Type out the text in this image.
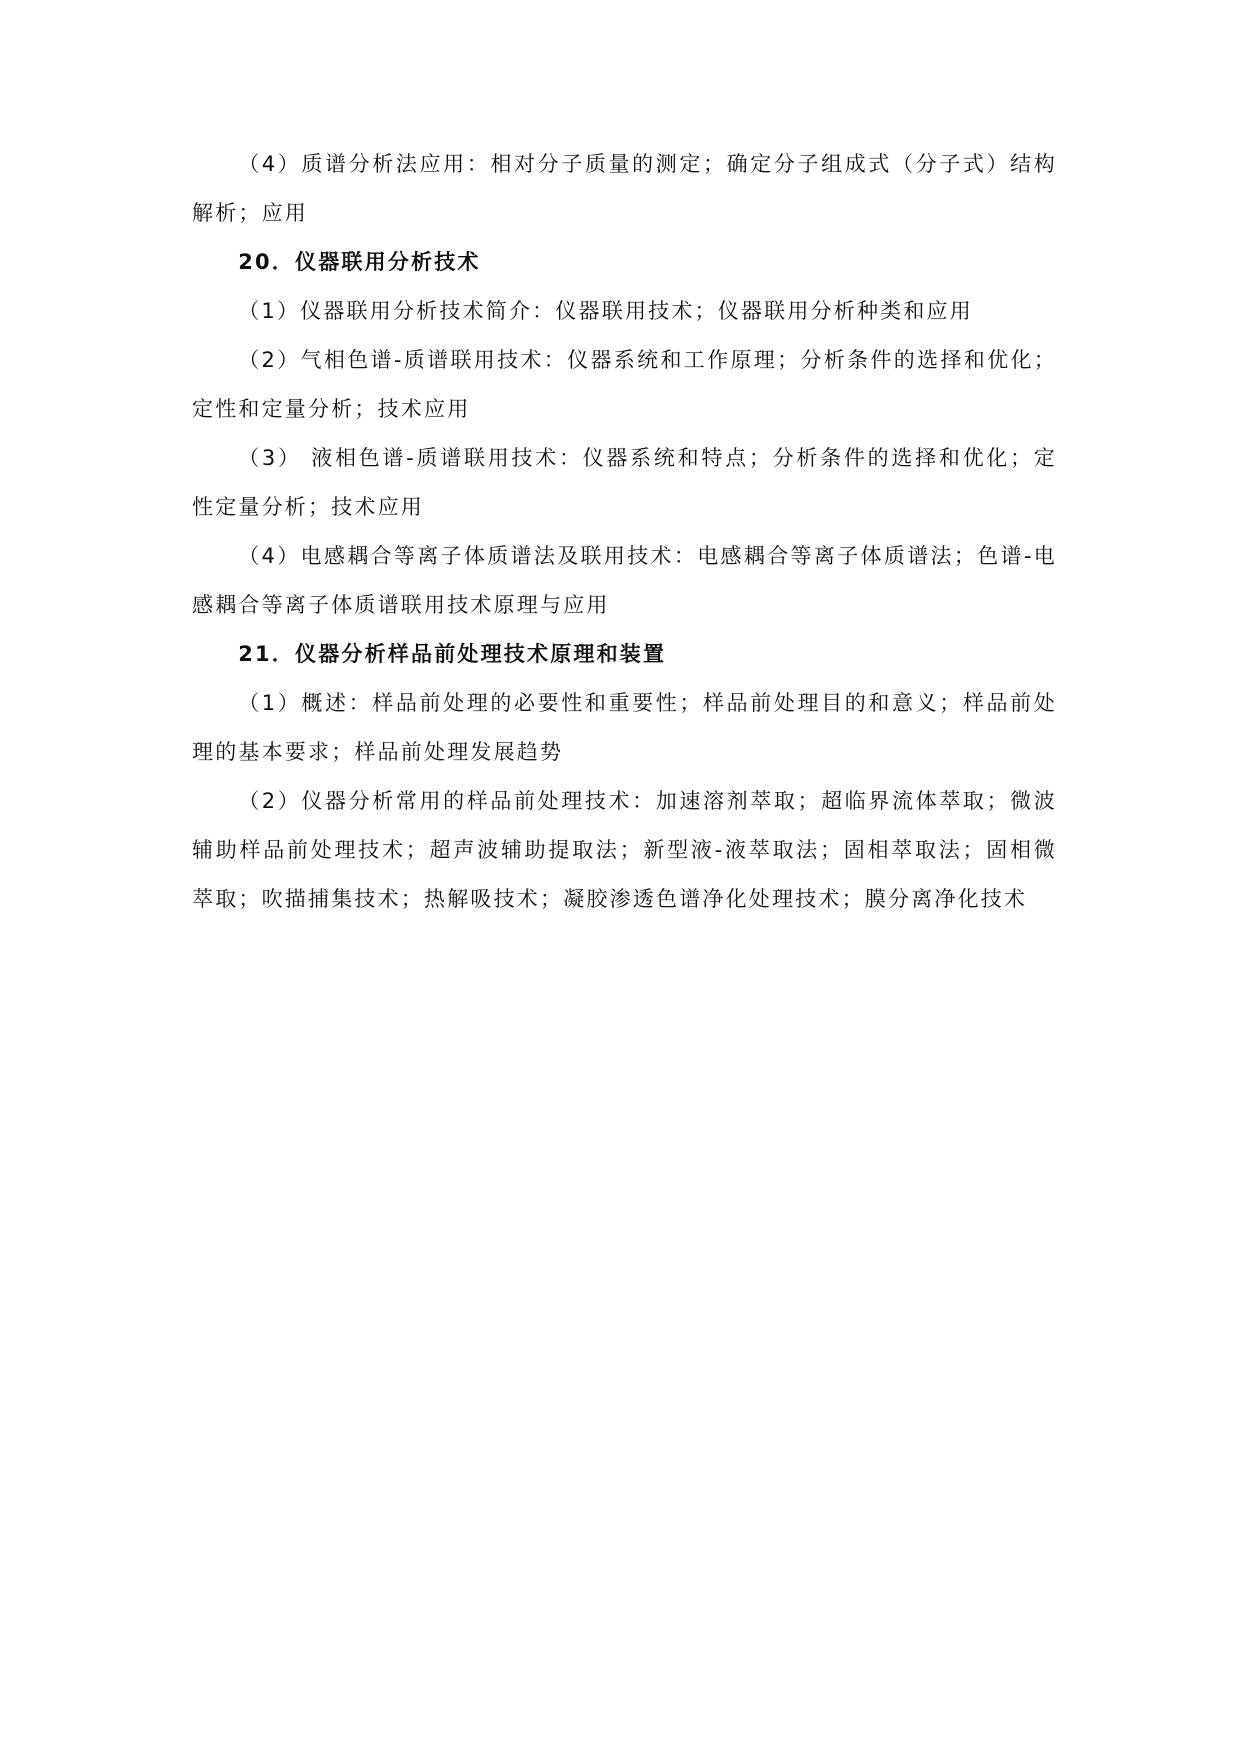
（4）质谱分析法应用：相对分子质量的测定；确定分子组成式（分子式）结构解析；应用

20．仪器联用分析技术

（1）仪器联用分析技术简介：仪器联用技术；仪器联用分析种类和应用

（2）气相色谱-质谱联用技术：仪器系统和工作原理；分析条件的选择和优化；定性和定量分析；技术应用

（3） 液相色谱-质谱联用技术：仪器系统和特点；分析条件的选择和优化；定性定量分析；技术应用

（4）电感耦合等离子体质谱法及联用技术：电感耦合等离子体质谱法；色谱-电感耦合等离子体质谱联用技术原理与应用

21．仪器分析样品前处理技术原理和装置

（1）概述：样品前处理的必要性和重要性；样品前处理目的和意义；样品前处理的基本要求；样品前处理发展趋势

（2）仪器分析常用的样品前处理技术：加速溶剂萃取；超临界流体萃取；微波辅助样品前处理技术；超声波辅助提取法；新型液-液萃取法；固相萃取法；固相微萃取；吹描捕集技术；热解吸技术；凝胶渗透色谱净化处理技术；膜分离净化技术
